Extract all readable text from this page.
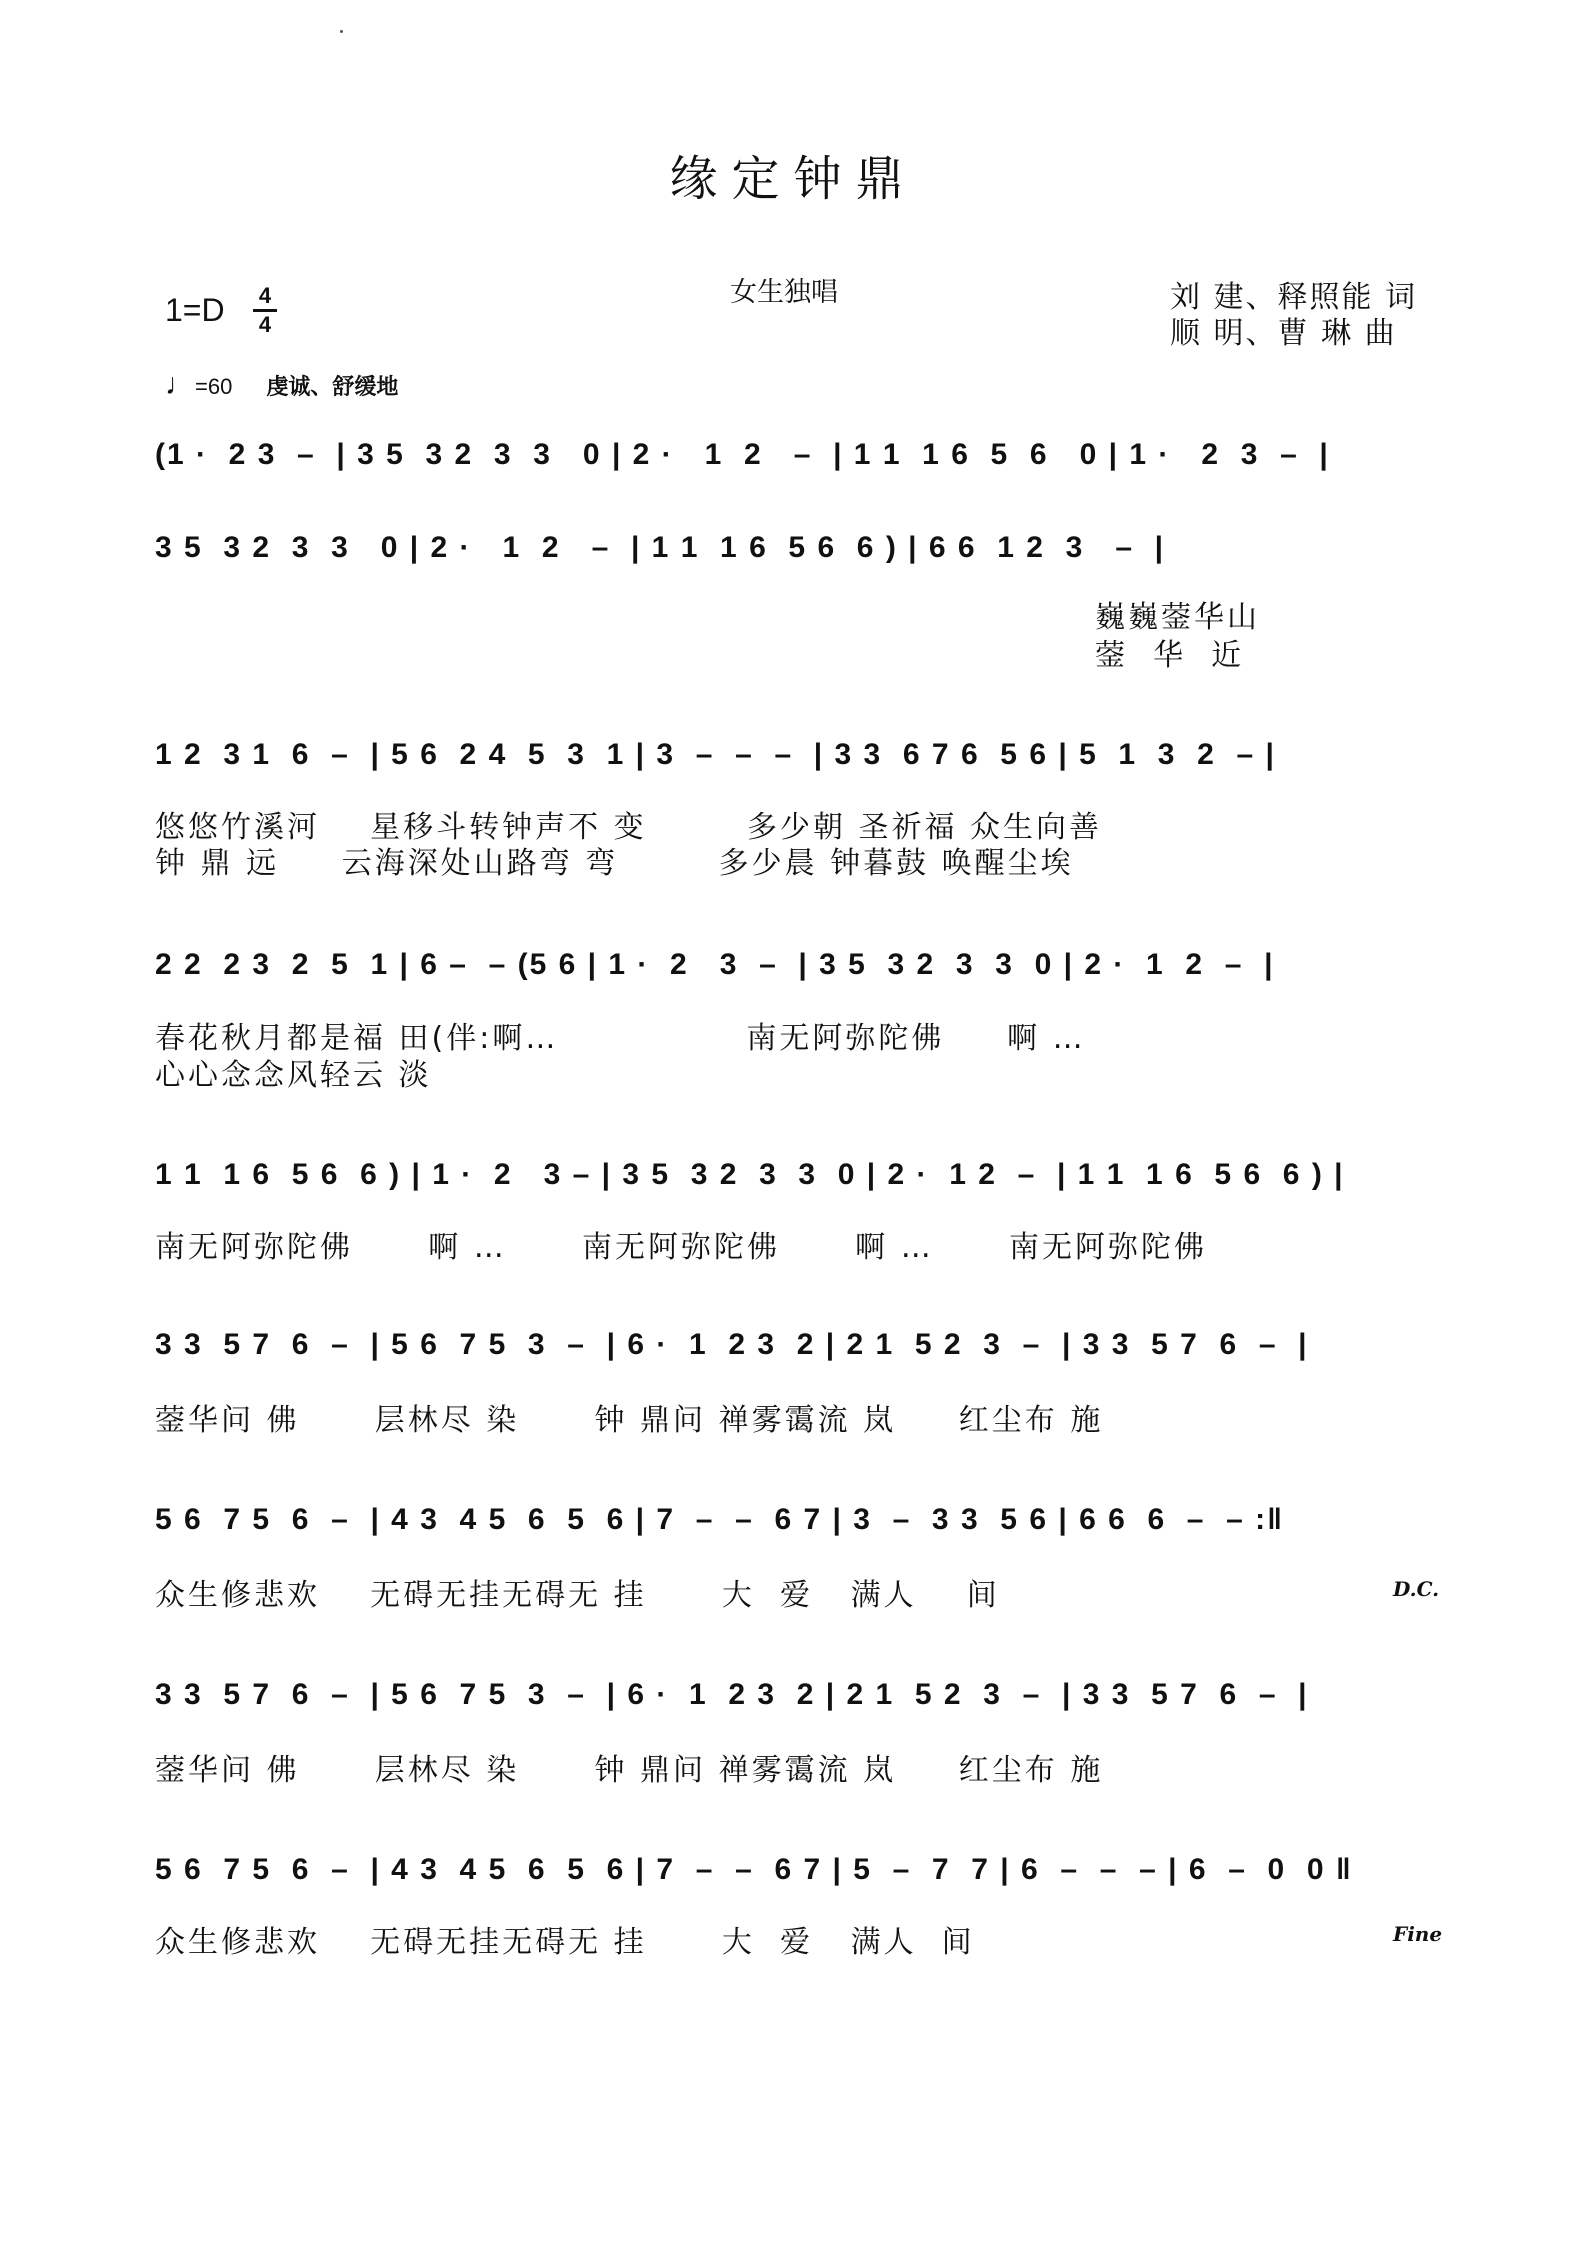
缘定钟鼎
1=D 4
4
女生独唱	刘 建、释照能 词
顺 明、曹 琳 曲
♩=60 虔诚、舒缓地
(1 ·  2 3  –  | 3 5  3 2  3  3   0 | 2 ·   1  2   –  | 1 1  1 6  5  6   0 | 1 ·   2  3  –  |
3 5  3 2  3  3   0 | 2 ·   1  2   –  | 1 1  1 6  5 6  6 ) | 6 6  1 2  3   –  |
巍巍蓥华山
蓥  华  近
1 2  3 1  6  –  | 5 6  2 4  5  3  1 | 3  –  –  –  | 3 3  6 7 6  5 6 | 5  1  3  2  – |
悠悠竹溪河    星移斗转钟声不 变        多少朝 圣祈福 众生向善
钟 鼎 远     云海深处山路弯 弯        多少晨 钟暮鼓 唤醒尘埃
2 2  2 3  2  5  1 | 6 –  – (5 6 | 1 ·  2   3  –  | 3 5  3 2  3  3  0 | 2 ·  1  2  –  |
春花秋月都是福 田(伴:啊…               南无阿弥陀佛     啊 …
心心念念风轻云 淡
1 1  1 6  5 6  6 ) | 1 ·  2   3 – | 3 5  3 2  3  3  0 | 2 ·  1 2  –  | 1 1  1 6  5 6  6 ) |
南无阿弥陀佛      啊 …      南无阿弥陀佛      啊 …      南无阿弥陀佛
3 3  5 7  6  –  | 5 6  7 5  3  –  | 6 ·  1  2 3  2 | 2 1  5 2  3  –  | 3 3  5 7  6  –  |
蓥华问 佛      层林尽 染      钟 鼎问 禅雾霭流 岚     红尘布 施
5 6  7 5  6  –  | 4 3  4 5  6  5  6 | 7  –  –  6 7 | 3  –  3 3  5 6 | 6 6  6  –  – :‖
众生修悲欢    无碍无挂无碍无 挂      大  爱   满人    间	D.C.
3 3  5 7  6  –  | 5 6  7 5  3  –  | 6 ·  1  2 3  2 | 2 1  5 2  3  –  | 3 3  5 7  6  –  |
蓥华问 佛      层林尽 染      钟 鼎问 禅雾霭流 岚     红尘布 施
5 6  7 5  6  –  | 4 3  4 5  6  5  6 | 7  –  –  6 7 | 5  –  7  7 | 6  –  –  – | 6  –  0  0 ‖
众生修悲欢    无碍无挂无碍无 挂      大  爱   满人  间	Fine
